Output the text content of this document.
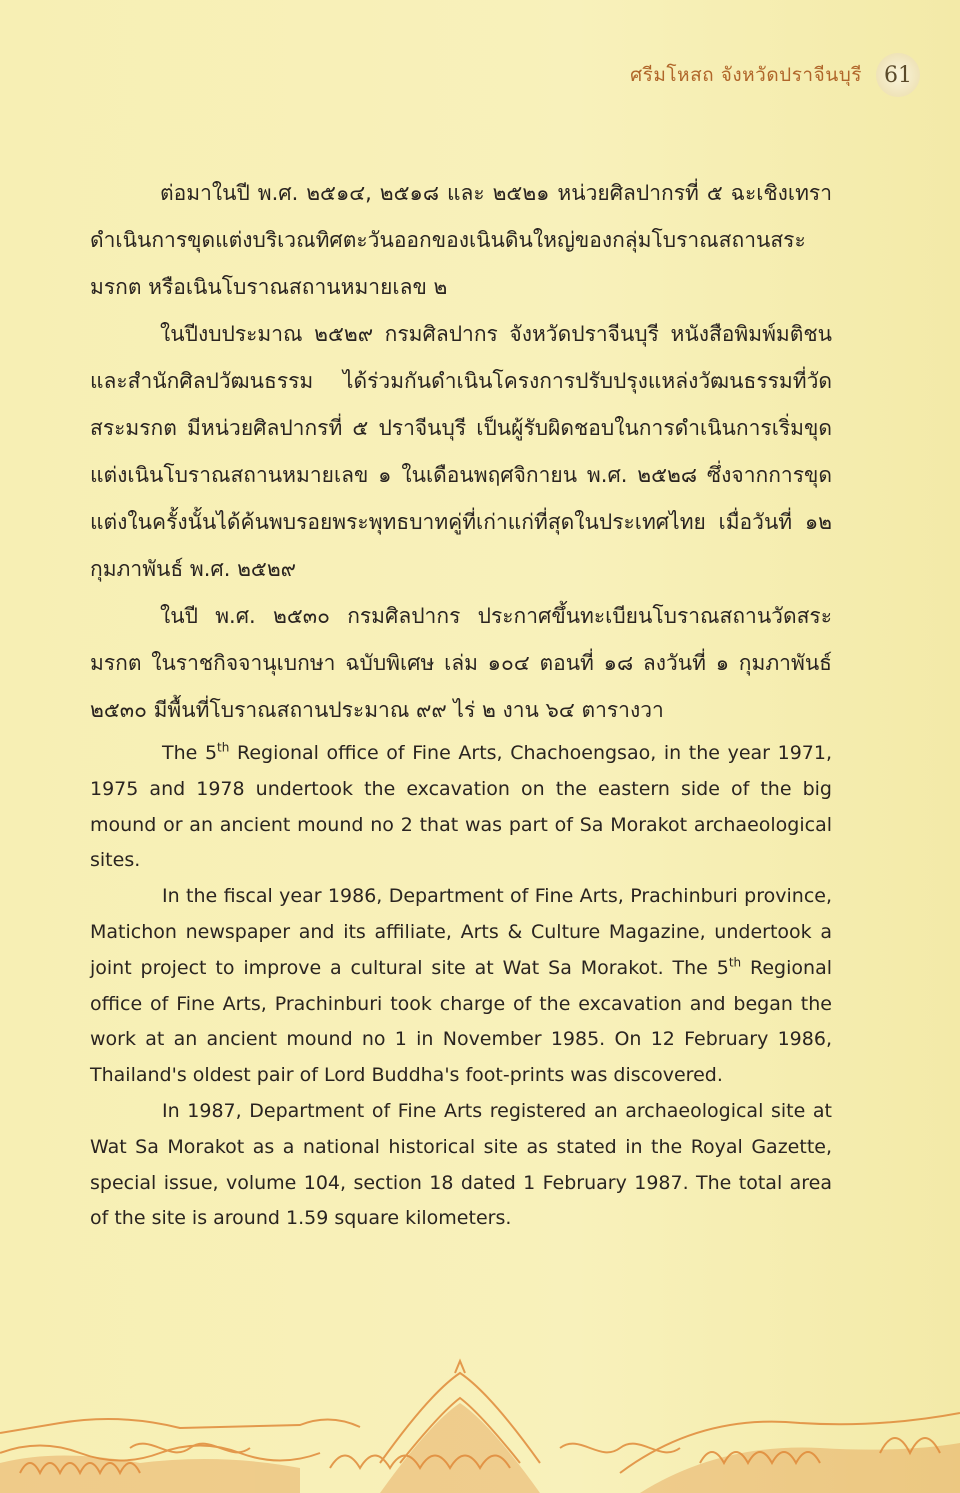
ศรีมโหสถ จังหวัดปราจีนบุรี	61

ต่อมาในปี พ.ศ. ๒๕๑๔, ๒๕๑๘ และ ๒๕๒๑ หน่วยศิลปากรที่ ๕ ฉะเชิงเทรา ดำเนินการขุดแต่งบริเวณทิศตะวันออกของเนินดินใหญ่ของกลุ่มโบราณสถานสระมรกต หรือเนินโบราณสถานหมายเลข ๒

ในปีงบประมาณ ๒๕๒๙ กรมศิลปากร จังหวัดปราจีนบุรี หนังสือพิมพ์มติชน และสำนักศิลปวัฒนธรรม ได้ร่วมกันดำเนินโครงการปรับปรุงแหล่งวัฒนธรรมที่วัดสระมรกต มีหน่วยศิลปากรที่ ๕ ปราจีนบุรี เป็นผู้รับผิดชอบในการดำเนินการเริ่มขุดแต่งเนินโบราณสถานหมายเลข ๑ ในเดือนพฤศจิกายน พ.ศ. ๒๕๒๘ ซึ่งจากการขุดแต่งในครั้งนั้นได้ค้นพบรอยพระพุทธบาทคู่ที่เก่าแก่ที่สุดในประเทศไทย เมื่อวันที่ ๑๒ กุมภาพันธ์ พ.ศ. ๒๕๒๙

ในปี พ.ศ. ๒๕๓๐ กรมศิลปากร ประกาศขึ้นทะเบียนโบราณสถานวัดสระมรกต ในราชกิจจานุเบกษา ฉบับพิเศษ เล่ม ๑๐๔ ตอนที่ ๑๘ ลงวันที่ ๑ กุมภาพันธ์ ๒๕๓๐ มีพื้นที่โบราณสถานประมาณ ๙๙ ไร่ ๒ งาน ๖๔ ตารางวา

The 5th Regional office of Fine Arts, Chachoengsao, in the year 1971, 1975 and 1978 undertook the excavation on the eastern side of the big mound or an ancient mound no 2 that was part of Sa Morakot archaeological sites.

In the fiscal year 1986, Department of Fine Arts, Prachinburi province, Matichon newspaper and its affiliate, Arts & Culture Magazine, undertook a joint project to improve a cultural site at Wat Sa Morakot. The 5th Regional office of Fine Arts, Prachinburi took charge of the excavation and began the work at an ancient mound no 1 in November 1985. On 12 February 1986, Thailand's oldest pair of Lord Buddha's foot-prints was discovered.

In 1987, Department of Fine Arts registered an archaeological site at Wat Sa Morakot as a national historical site as stated in the Royal Gazette, special issue, volume 104, section 18 dated 1 February 1987. The total area of the site is around 1.59 square kilometers.
